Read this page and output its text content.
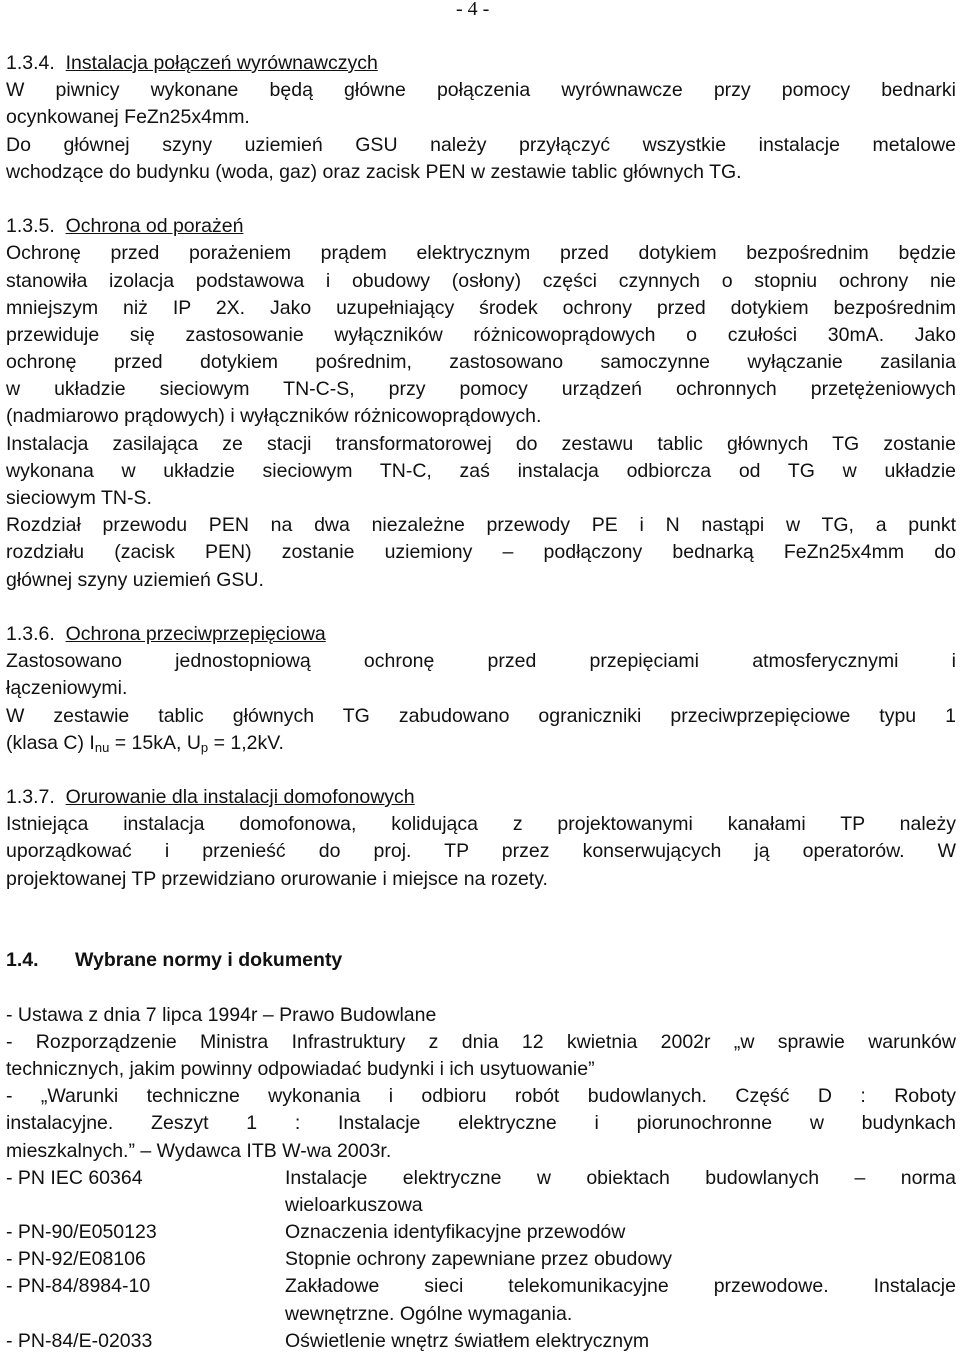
- 4 -
1.3.4. Instalacja połączeń wyrównawczych
W piwnicy wykonane będą główne połączenia wyrównawcze przy pomocy bednarki
ocynkowanej FeZn25x4mm.
Do głównej szyny uziemień GSU należy przyłączyć wszystkie instalacje metalowe
wchodzące do budynku (woda, gaz) oraz zacisk PEN w zestawie tablic głównych TG.
1.3.5. Ochrona od porażeń
Ochronę przed porażeniem prądem elektrycznym przed dotykiem bezpośrednim będzie
stanowiła izolacja podstawowa i obudowy (osłony) części czynnych o stopniu ochrony nie
mniejszym niż IP 2X. Jako uzupełniający środek ochrony przed dotykiem bezpośrednim
przewiduje się zastosowanie wyłączników różnicowoprądowych o czułości 30mA. Jako
ochronę przed dotykiem pośrednim, zastosowano samoczynne wyłączanie zasilania
w układzie sieciowym TN-C-S, przy pomocy urządzeń ochronnych przetężeniowych
(nadmiarowo prądowych) i wyłączników różnicowoprądowych.
Instalacja zasilająca ze stacji transformatorowej do zestawu tablic głównych TG zostanie
wykonana w układzie sieciowym TN-C, zaś instalacja odbiorcza od TG w układzie
sieciowym TN-S.
Rozdział przewodu PEN na dwa niezależne przewody PE i N nastąpi w TG, a punkt
rozdziału (zacisk PEN) zostanie uziemiony – podłączony bednarką FeZn25x4mm do
głównej szyny uziemień GSU.
1.3.6. Ochrona przeciwprzepięciowa
Zastosowano jednostopniową ochronę przed przepięciami atmosferycznymi i
łączeniowymi.
W zestawie tablic głównych TG zabudowano ograniczniki przeciwprzepięciowe typu 1
(klasa C) $I_{nu} = 15kA$, $U_p = 1,2kV$.
1.3.7. Orurowanie dla instalacji domofonowych
Istniejąca instalacja domofonowa, kolidująca z projektowanymi kanałami TP należy
uporządkować i przenieść do proj. TP przez konserwujących ją operatorów. W
projektowanej TP przewidziano orurowanie i miejsce na rozety.
1.4. Wybrane normy i dokumenty
- Ustawa z dnia 7 lipca 1994r – Prawo Budowlane
- Rozporządzenie Ministra Infrastruktury z dnia 12 kwietnia 2002r „w sprawie warunków
technicznych, jakim powinny odpowiadać budynki i ich usytuowanie”
- „Warunki techniczne wykonania i odbioru robót budowlanych. Część D : Roboty
instalacyjne. Zeszyt 1 : Instalacje elektryczne i piorunochronne w budynkach
mieszkalnych.” – Wydawca ITB W-wa 2003r.
- PN IEC 60364	Instalacje elektryczne w obiektach budowlanych – norma
wieloarkuszowa
- PN-90/E050123	Oznaczenia identyfikacyjne przewodów
- PN-92/E08106	Stopnie ochrony zapewniane przez obudowy
- PN-84/8984-10	Zakładowe sieci telekomunikacyjne przewodowe. Instalacje
wewnętrzne. Ogólne wymagania.
- PN-84/E-02033	Oświetlenie wnętrz światłem elektrycznym
